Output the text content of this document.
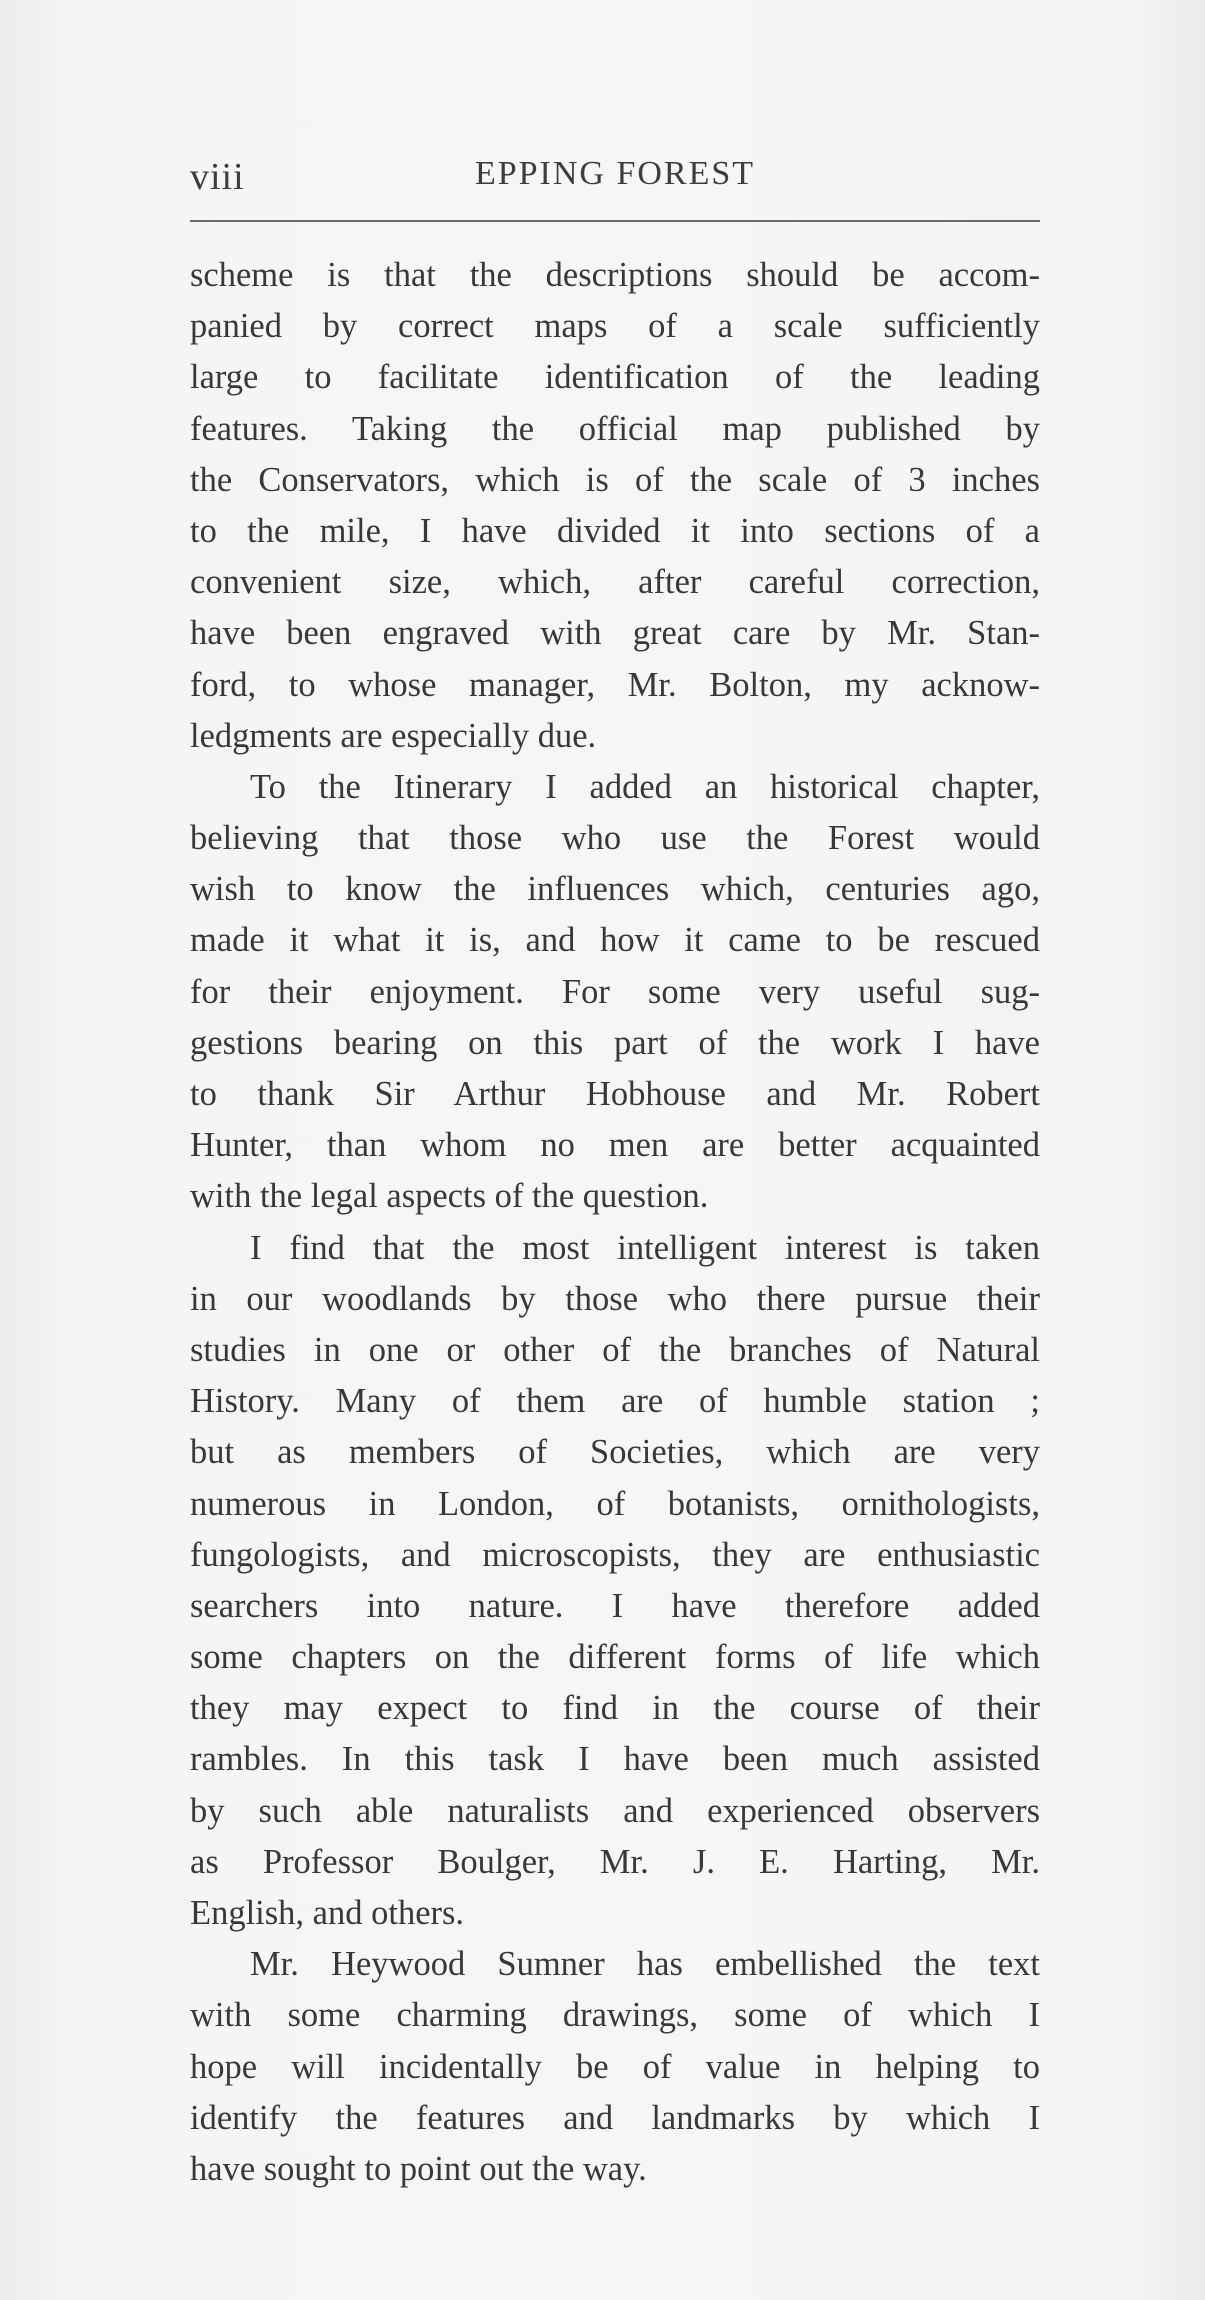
viii	EPPING FOREST
scheme is that the descriptions should be accom-
panied by correct maps of a scale sufficiently
large to facilitate identification of the leading
features. Taking the official map published by
the Conservators, which is of the scale of 3 inches
to the mile, I have divided it into sections of a
convenient size, which, after careful correction,
have been engraved with great care by Mr. Stan-
ford, to whose manager, Mr. Bolton, my acknow-
ledgments are especially due.
To the Itinerary I added an historical chapter,
believing that those who use the Forest would
wish to know the influences which, centuries ago,
made it what it is, and how it came to be rescued
for their enjoyment. For some very useful sug-
gestions bearing on this part of the work I have
to thank Sir Arthur Hobhouse and Mr. Robert
Hunter, than whom no men are better acquainted
with the legal aspects of the question.
I find that the most intelligent interest is taken
in our woodlands by those who there pursue their
studies in one or other of the branches of Natural
History. Many of them are of humble station ;
but as members of Societies, which are very
numerous in London, of botanists, ornithologists,
fungologists, and microscopists, they are enthusiastic
searchers into nature. I have therefore added
some chapters on the different forms of life which
they may expect to find in the course of their
rambles. In this task I have been much assisted
by such able naturalists and experienced observers
as Professor Boulger, Mr. J. E. Harting, Mr.
English, and others.
Mr. Heywood Sumner has embellished the text
with some charming drawings, some of which I
hope will incidentally be of value in helping to
identify the features and landmarks by which I
have sought to point out the way.
